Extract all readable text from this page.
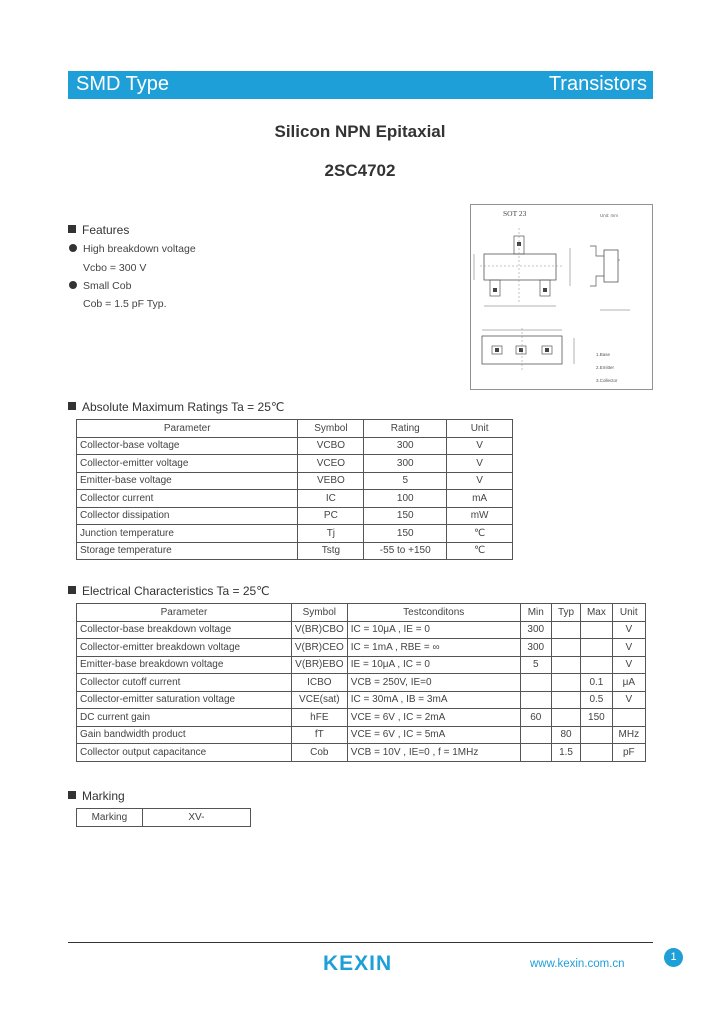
SMD Type	Transistors
Silicon NPN Epitaxial
2SC4702
Features
High breakdown voltage
Vcbo = 300 V
Small Cob
Cob = 1.5 pF Typ.
SOT 23	Unit: mm
1.Base
2.Emitter
3.Collector
Absolute Maximum Ratings Ta = 25℃
Parameter	Symbol	Rating	Unit
Collector-base voltage	VCBO	300	V
Collector-emitter voltage	VCEO	300	V
Emitter-base voltage	VEBO	5	V
Collector current	IC	100	mA
Collector dissipation	PC	150	mW
Junction temperature	Tj	150	℃
Storage temperature	Tstg	-55 to +150	℃
Electrical Characteristics Ta = 25℃
Parameter	Symbol	Testconditons	Min	Typ	Max	Unit
Collector-base breakdown voltage	V(BR)CBO	IC = 10μA , IE = 0	300			V
Collector-emitter breakdown voltage	V(BR)CEO	IC = 1mA , RBE = ∞	300			V
Emitter-base breakdown voltage	V(BR)EBO	IE = 10μA , IC = 0	5			V
Collector cutoff current	ICBO	VCB = 250V, IE=0			0.1	μA
Collector-emitter saturation voltage	VCE(sat)	IC = 30mA , IB = 3mA			0.5	V
DC current gain	hFE	VCE = 6V , IC = 2mA	60		150	
Gain bandwidth product	fT	VCE = 6V , IC = 5mA		80		MHz
Collector output capacitance	Cob	VCB = 10V , IE=0 , f = 1MHz		1.5		pF
Marking
Marking	XV-
KEXIN	www.kexin.com.cn
1
